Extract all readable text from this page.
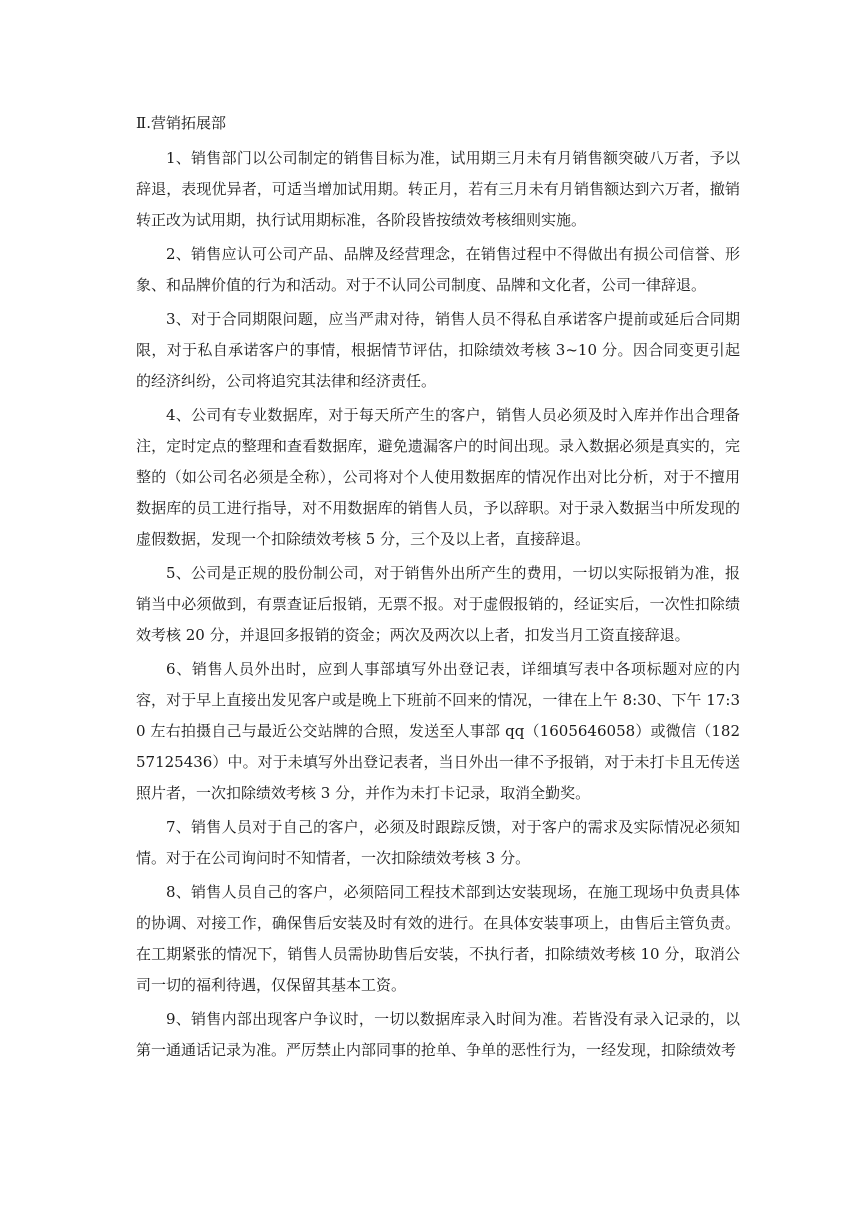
Ⅱ.营销拓展部

1、销售部门以公司制定的销售目标为准，试用期三月未有月销售额突破八万者，予以辞退，表现优异者，可适当增加试用期。转正月，若有三月未有月销售额达到六万者，撤销转正改为试用期，执行试用期标准，各阶段皆按绩效考核细则实施。

2、销售应认可公司产品、品牌及经营理念，在销售过程中不得做出有损公司信誉、形象、和品牌价值的行为和活动。对于不认同公司制度、品牌和文化者，公司一律辞退。

3、对于合同期限问题，应当严肃对待，销售人员不得私自承诺客户提前或延后合同期限，对于私自承诺客户的事情，根据情节评估，扣除绩效考核 3~10 分。因合同变更引起的经济纠纷，公司将追究其法律和经济责任。

4、公司有专业数据库，对于每天所产生的客户，销售人员必须及时入库并作出合理备注，定时定点的整理和查看数据库，避免遗漏客户的时间出现。录入数据必须是真实的，完整的（如公司名必须是全称），公司将对个人使用数据库的情况作出对比分析，对于不擅用数据库的员工进行指导，对不用数据库的销售人员，予以辞职。对于录入数据当中所发现的虚假数据，发现一个扣除绩效考核 5 分，三个及以上者，直接辞退。

5、公司是正规的股份制公司，对于销售外出所产生的费用，一切以实际报销为准，报销当中必须做到，有票查证后报销，无票不报。对于虚假报销的，经证实后，一次性扣除绩效考核 20 分，并退回多报销的资金；两次及两次以上者，扣发当月工资直接辞退。

6、销售人员外出时，应到人事部填写外出登记表，详细填写表中各项标题对应的内容，对于早上直接出发见客户或是晚上下班前不回来的情况，一律在上午 8:30、下午 17:30 左右拍摄自己与最近公交站牌的合照，发送至人事部 qq（1605646058）或微信（18257125436）中。对于未填写外出登记表者，当日外出一律不予报销，对于未打卡且无传送照片者，一次扣除绩效考核 3 分，并作为未打卡记录，取消全勤奖。

7、销售人员对于自己的客户，必须及时跟踪反馈，对于客户的需求及实际情况必须知情。对于在公司询问时不知情者，一次扣除绩效考核 3 分。

8、销售人员自己的客户，必须陪同工程技术部到达安装现场，在施工现场中负责具体的协调、对接工作，确保售后安装及时有效的进行。在具体安装事项上，由售后主管负责。在工期紧张的情况下，销售人员需协助售后安装，不执行者，扣除绩效考核 10 分，取消公司一切的福利待遇，仅保留其基本工资。

9、销售内部出现客户争议时，一切以数据库录入时间为准。若皆没有录入记录的，以第一通通话记录为准。严厉禁止内部同事的抢单、争单的恶性行为，一经发现，扣除绩效考
